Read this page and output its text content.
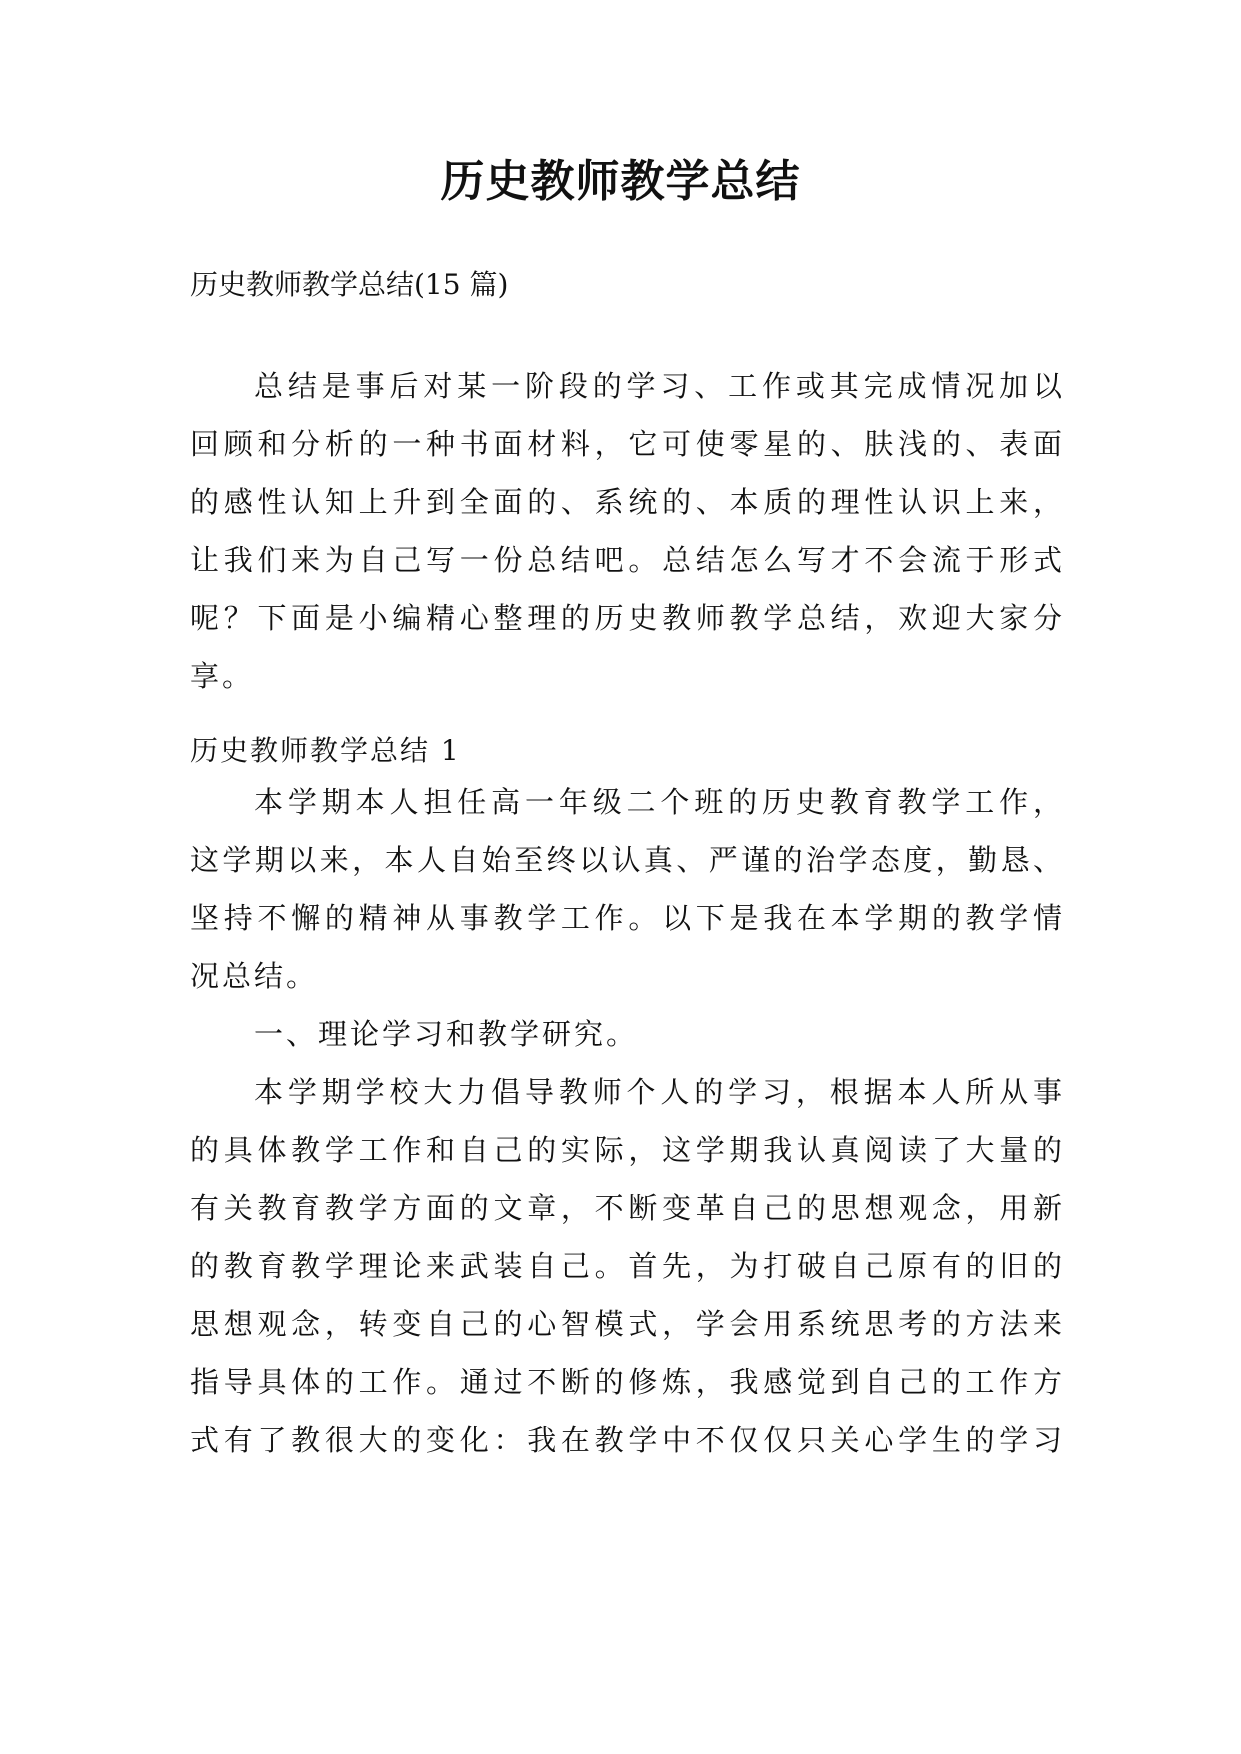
历史教师教学总结
历史教师教学总结(15 篇)
总结是事后对某一阶段的学习、工作或其完成情况加以
回顾和分析的一种书面材料，它可使零星的、肤浅的、表面
的感性认知上升到全面的、系统的、本质的理性认识上来，
让我们来为自己写一份总结吧。总结怎么写才不会流于形式
呢？下面是小编精心整理的历史教师教学总结，欢迎大家分
享。
历史教师教学总结 1
本学期本人担任高一年级二个班的历史教育教学工作，
这学期以来，本人自始至终以认真、严谨的治学态度，勤恳、
坚持不懈的精神从事教学工作。以下是我在本学期的教学情
况总结。
一、理论学习和教学研究。
本学期学校大力倡导教师个人的学习，根据本人所从事
的具体教学工作和自己的实际，这学期我认真阅读了大量的
有关教育教学方面的文章，不断变革自己的思想观念，用新
的教育教学理论来武装自己。首先，为打破自己原有的旧的
思想观念，转变自己的心智模式，学会用系统思考的方法来
指导具体的工作。通过不断的修炼，我感觉到自己的工作方
式有了教很大的变化：我在教学中不仅仅只关心学生的学习
